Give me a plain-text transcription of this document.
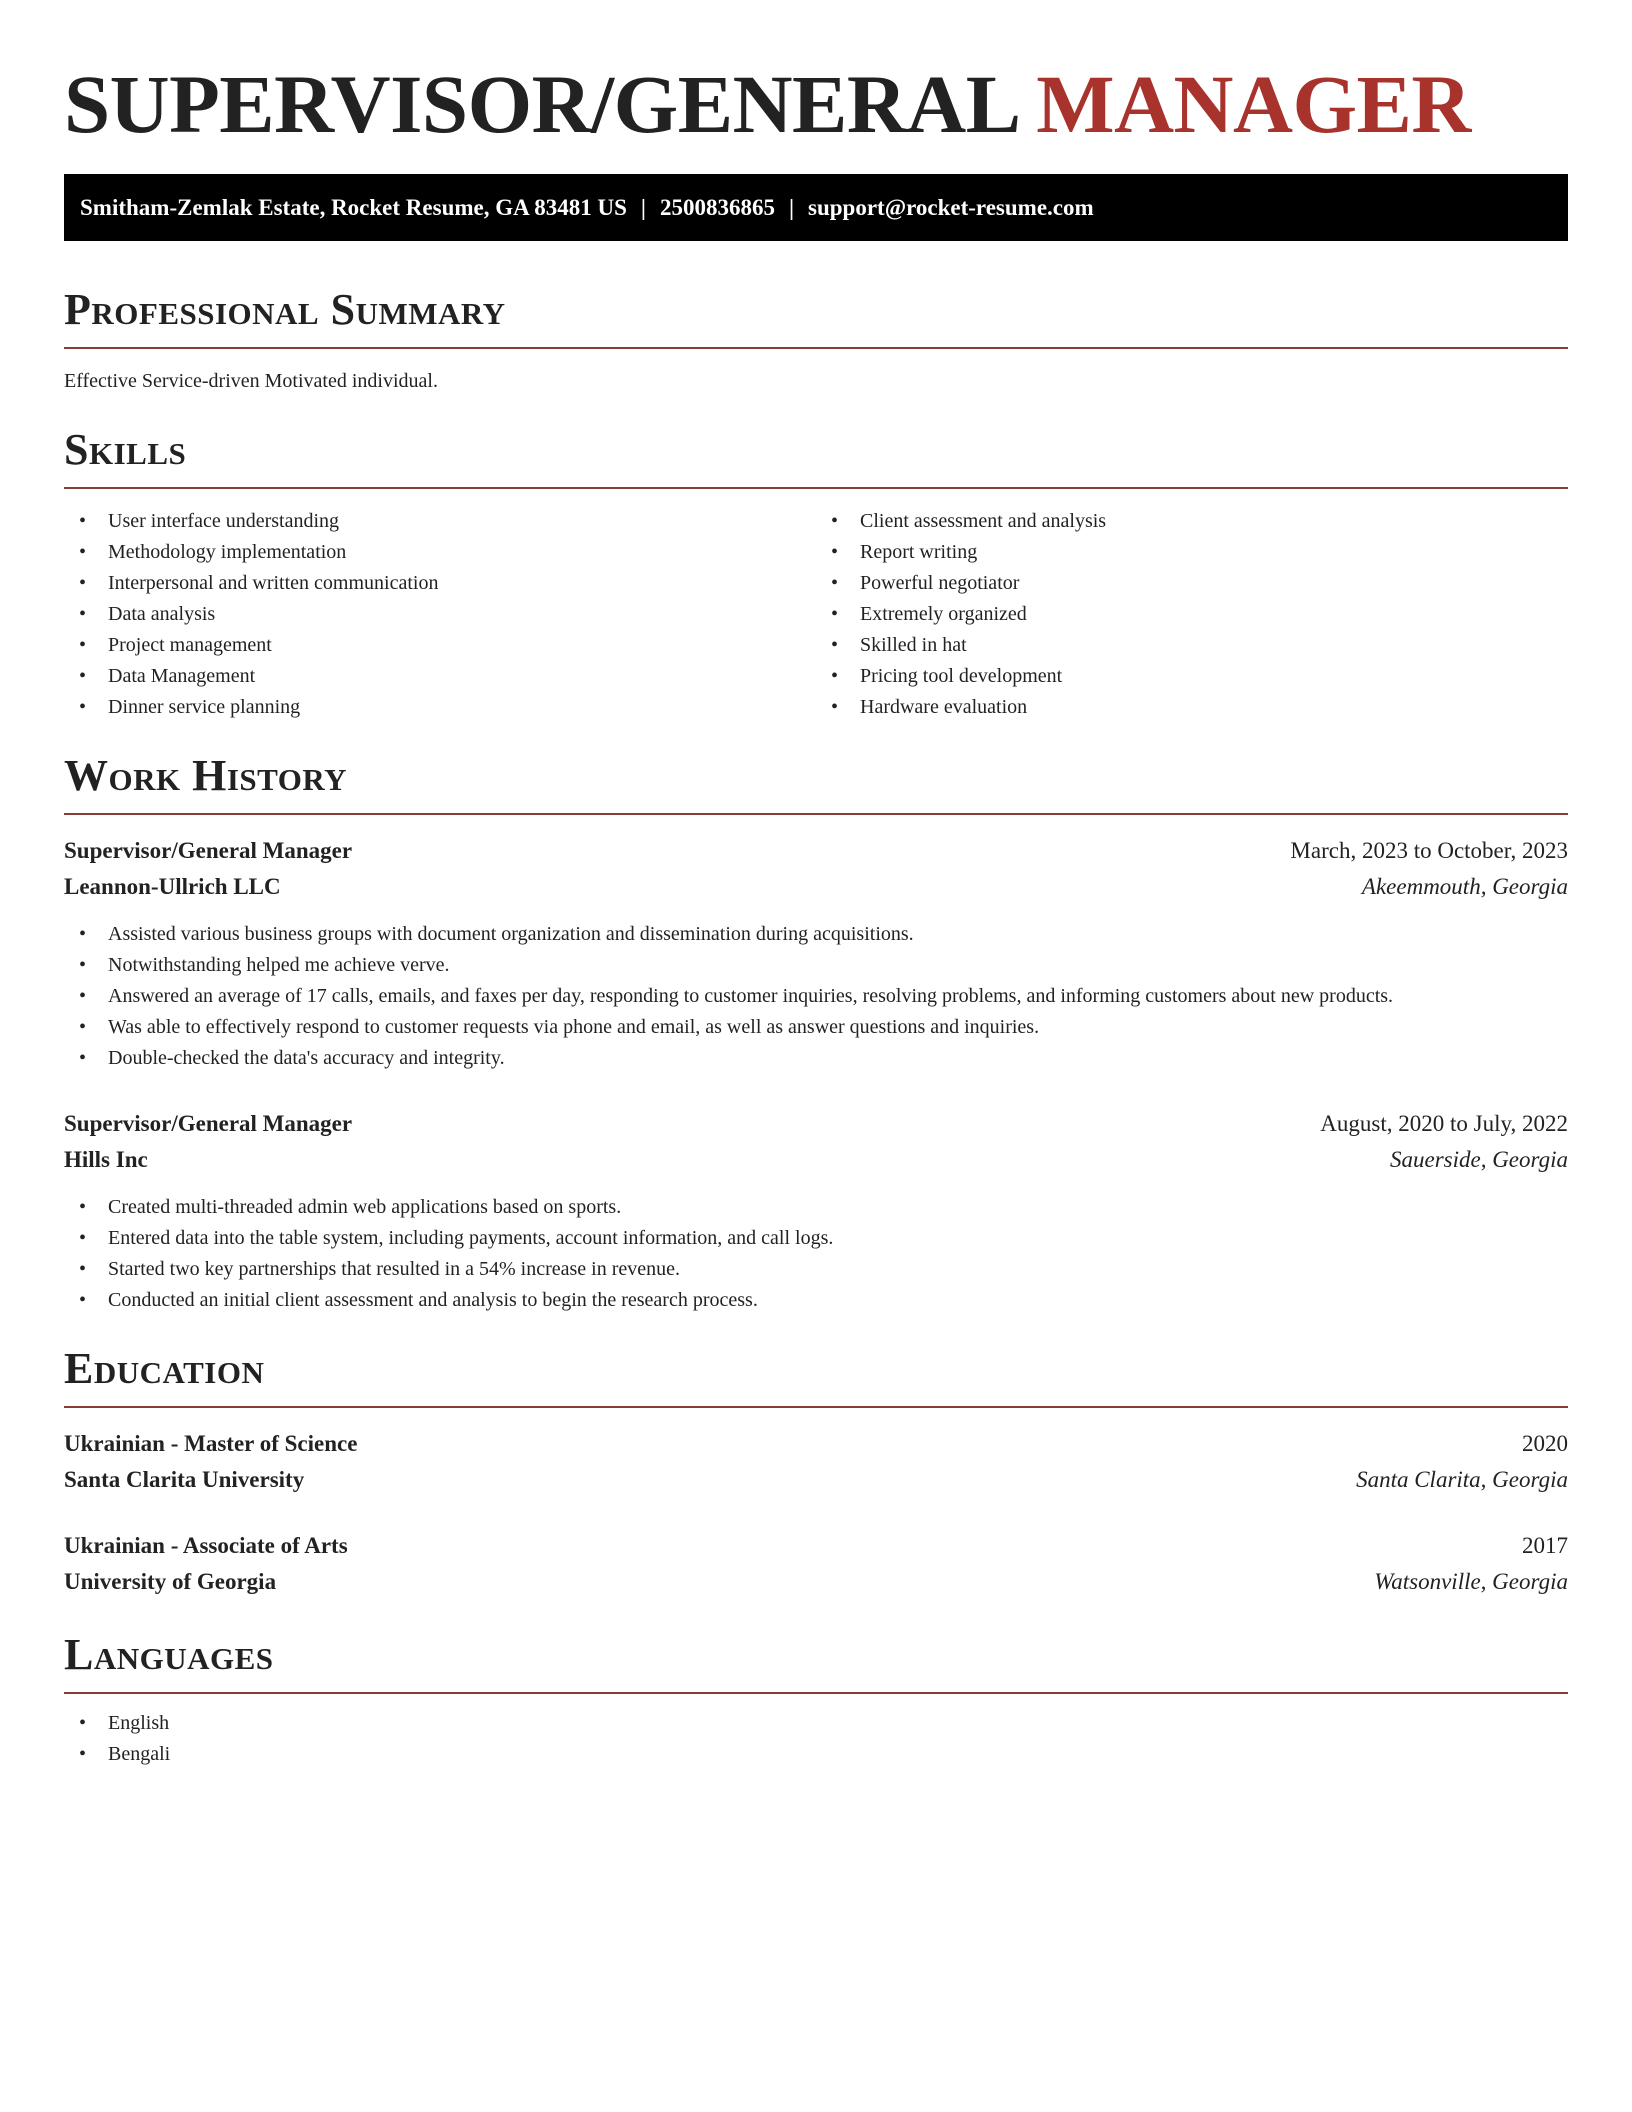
SUPERVISOR/GENERAL MANAGER
Smitham-Zemlak Estate, Rocket Resume, GA 83481 US | 2500836865 | support@rocket-resume.com
Professional Summary

Effective Service-driven Motivated individual.

Skills
• User interface understanding
• Methodology implementation
• Interpersonal and written communication
• Data analysis
• Project management
• Data Management
• Dinner service planning
• Client assessment and analysis
• Report writing
• Powerful negotiator
• Extremely organized
• Skilled in hat
• Pricing tool development
• Hardware evaluation
Work History
Supervisor/General Manager	March, 2023 to October, 2023
Leannon-Ullrich LLC	Akeemmouth, Georgia
• Assisted various business groups with document organization and dissemination during acquisitions.
• Notwithstanding helped me achieve verve.
• Answered an average of 17 calls, emails, and faxes per day, responding to customer inquiries, resolving problems, and informing customers about new products.
• Was able to effectively respond to customer requests via phone and email, as well as answer questions and inquiries.
• Double-checked the data's accuracy and integrity.
Supervisor/General Manager	August, 2020 to July, 2022
Hills Inc	Sauerside, Georgia
• Created multi-threaded admin web applications based on sports.
• Entered data into the table system, including payments, account information, and call logs.
• Started two key partnerships that resulted in a 54% increase in revenue.
• Conducted an initial client assessment and analysis to begin the research process.
Education
Ukrainian - Master of Science	2020
Santa Clarita University	Santa Clarita, Georgia
Ukrainian - Associate of Arts	2017
University of Georgia	Watsonville, Georgia
Languages
• English
• Bengali
